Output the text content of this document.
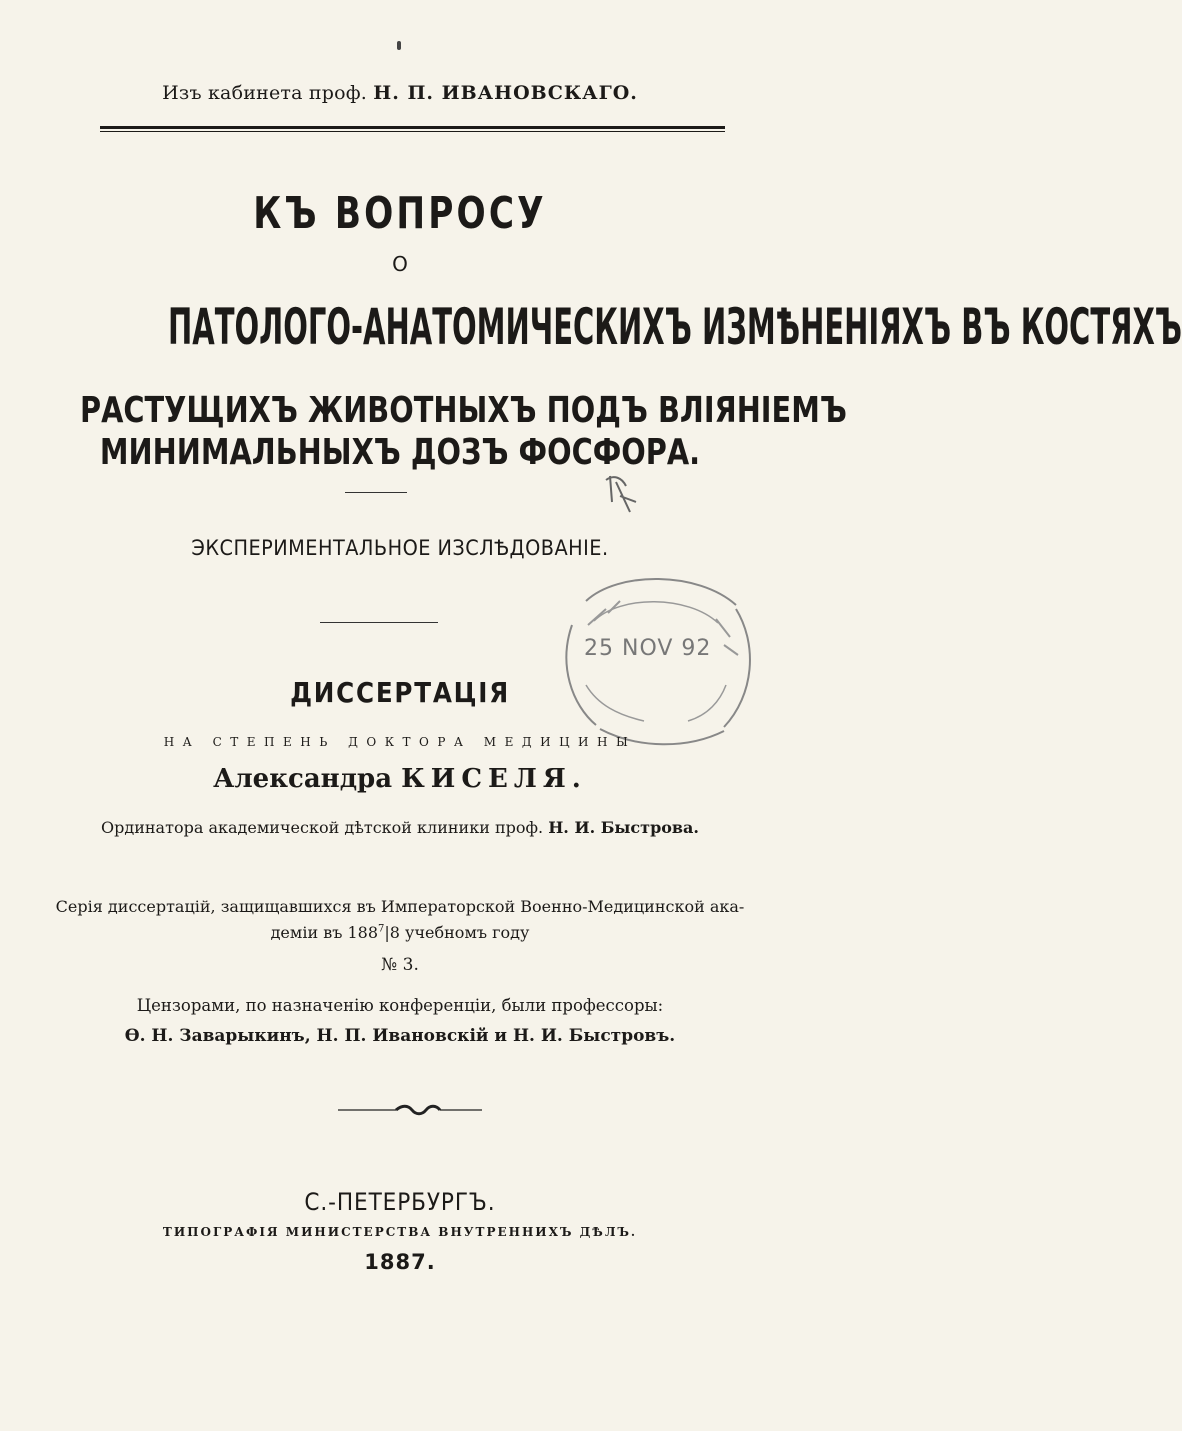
Изъ кабинета проф. Н. П. ИВАНОВСКАГО.
КЪ ВОПРОСУ
О
ПАТОЛОГО-АНАТОМИЧЕСКИХЪ ИЗМѢНЕНІЯХЪ ВЪ КОСТЯХЪ
РАСТУЩИХЪ ЖИВОТНЫХЪ ПОДЪ ВЛІЯНІЕМЪ
МИНИМАЛЬНЫХЪ ДОЗЪ ФОСФОРА.
ЭКСПЕРИМЕНТАЛЬНОЕ ИЗСЛѢДОВАНІЕ.
25 NOV 92
ДИССЕРТАЦІЯ
НА СТЕПЕНЬ ДОКТОРА МЕДИЦИНЫ
Александра КИСЕЛЯ.
Ординатора академической дѣтской клиники проф. Н. И. Быстрова.
Серія диссертацій, защищавшихся въ Императорской Военно-Медицинской ака-
деміи въ $188^7|8$ учебномъ году
№ 3.
Цензорами, по назначенію конференціи, были профессоры:
Ѳ. Н. Заварыкинъ, Н. П. Ивановскій и Н. И. Быстровъ.
С.-ПЕТЕРБУРГЪ.
ТИПОГРАФІЯ МИНИСТЕРСТВА ВНУТРЕННИХЪ ДѢЛЪ.
1887.
